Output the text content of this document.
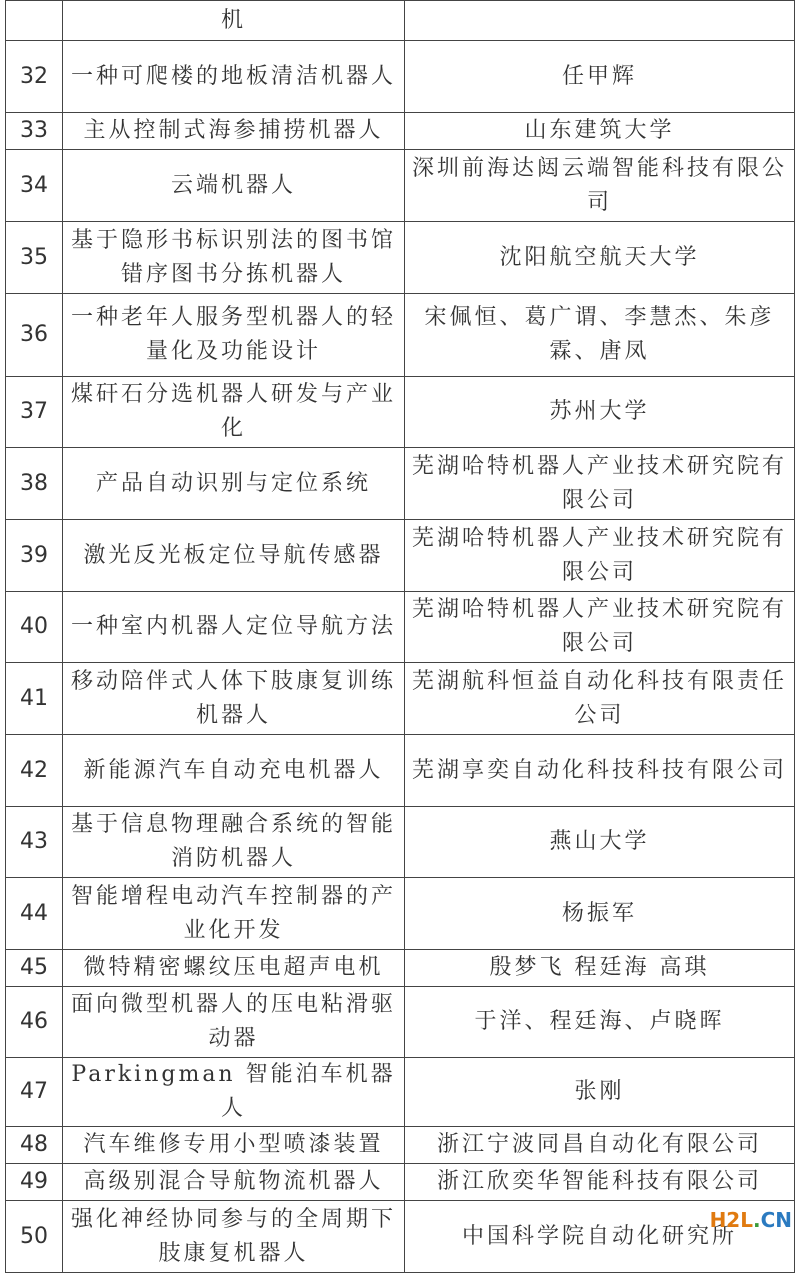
	机	
32	一种可爬楼的地板清洁机器人	任甲辉
33	主从控制式海参捕捞机器人	山东建筑大学
34	云端机器人	深圳前海达闼云端智能科技有限公司
35	基于隐形书标识别法的图书馆错序图书分拣机器人	沈阳航空航天大学
36	一种老年人服务型机器人的轻量化及功能设计	宋佩恒、葛广谓、李慧杰、朱彦霖、唐凤
37	煤矸石分选机器人研发与产业化	苏州大学
38	产品自动识别与定位系统	芜湖哈特机器人产业技术研究院有限公司
39	激光反光板定位导航传感器	芜湖哈特机器人产业技术研究院有限公司
40	一种室内机器人定位导航方法	芜湖哈特机器人产业技术研究院有限公司
41	移动陪伴式人体下肢康复训练机器人	芜湖航科恒益自动化科技有限责任公司
42	新能源汽车自动充电机器人	芜湖享奕自动化科技科技有限公司
43	基于信息物理融合系统的智能消防机器人	燕山大学
44	智能增程电动汽车控制器的产业化开发	杨振军
45	微特精密螺纹压电超声电机	殷梦飞 程廷海 高琪
46	面向微型机器人的压电粘滑驱动器	于洋、程廷海、卢晓晖
47	Parkingman 智能泊车机器人	张刚
48	汽车维修专用小型喷漆装置	浙江宁波同昌自动化有限公司
49	高级别混合导航物流机器人	浙江欣奕华智能科技有限公司
50	强化神经协同参与的全周期下肢康复机器人	中国科学院自动化研究所
H2L.CN
